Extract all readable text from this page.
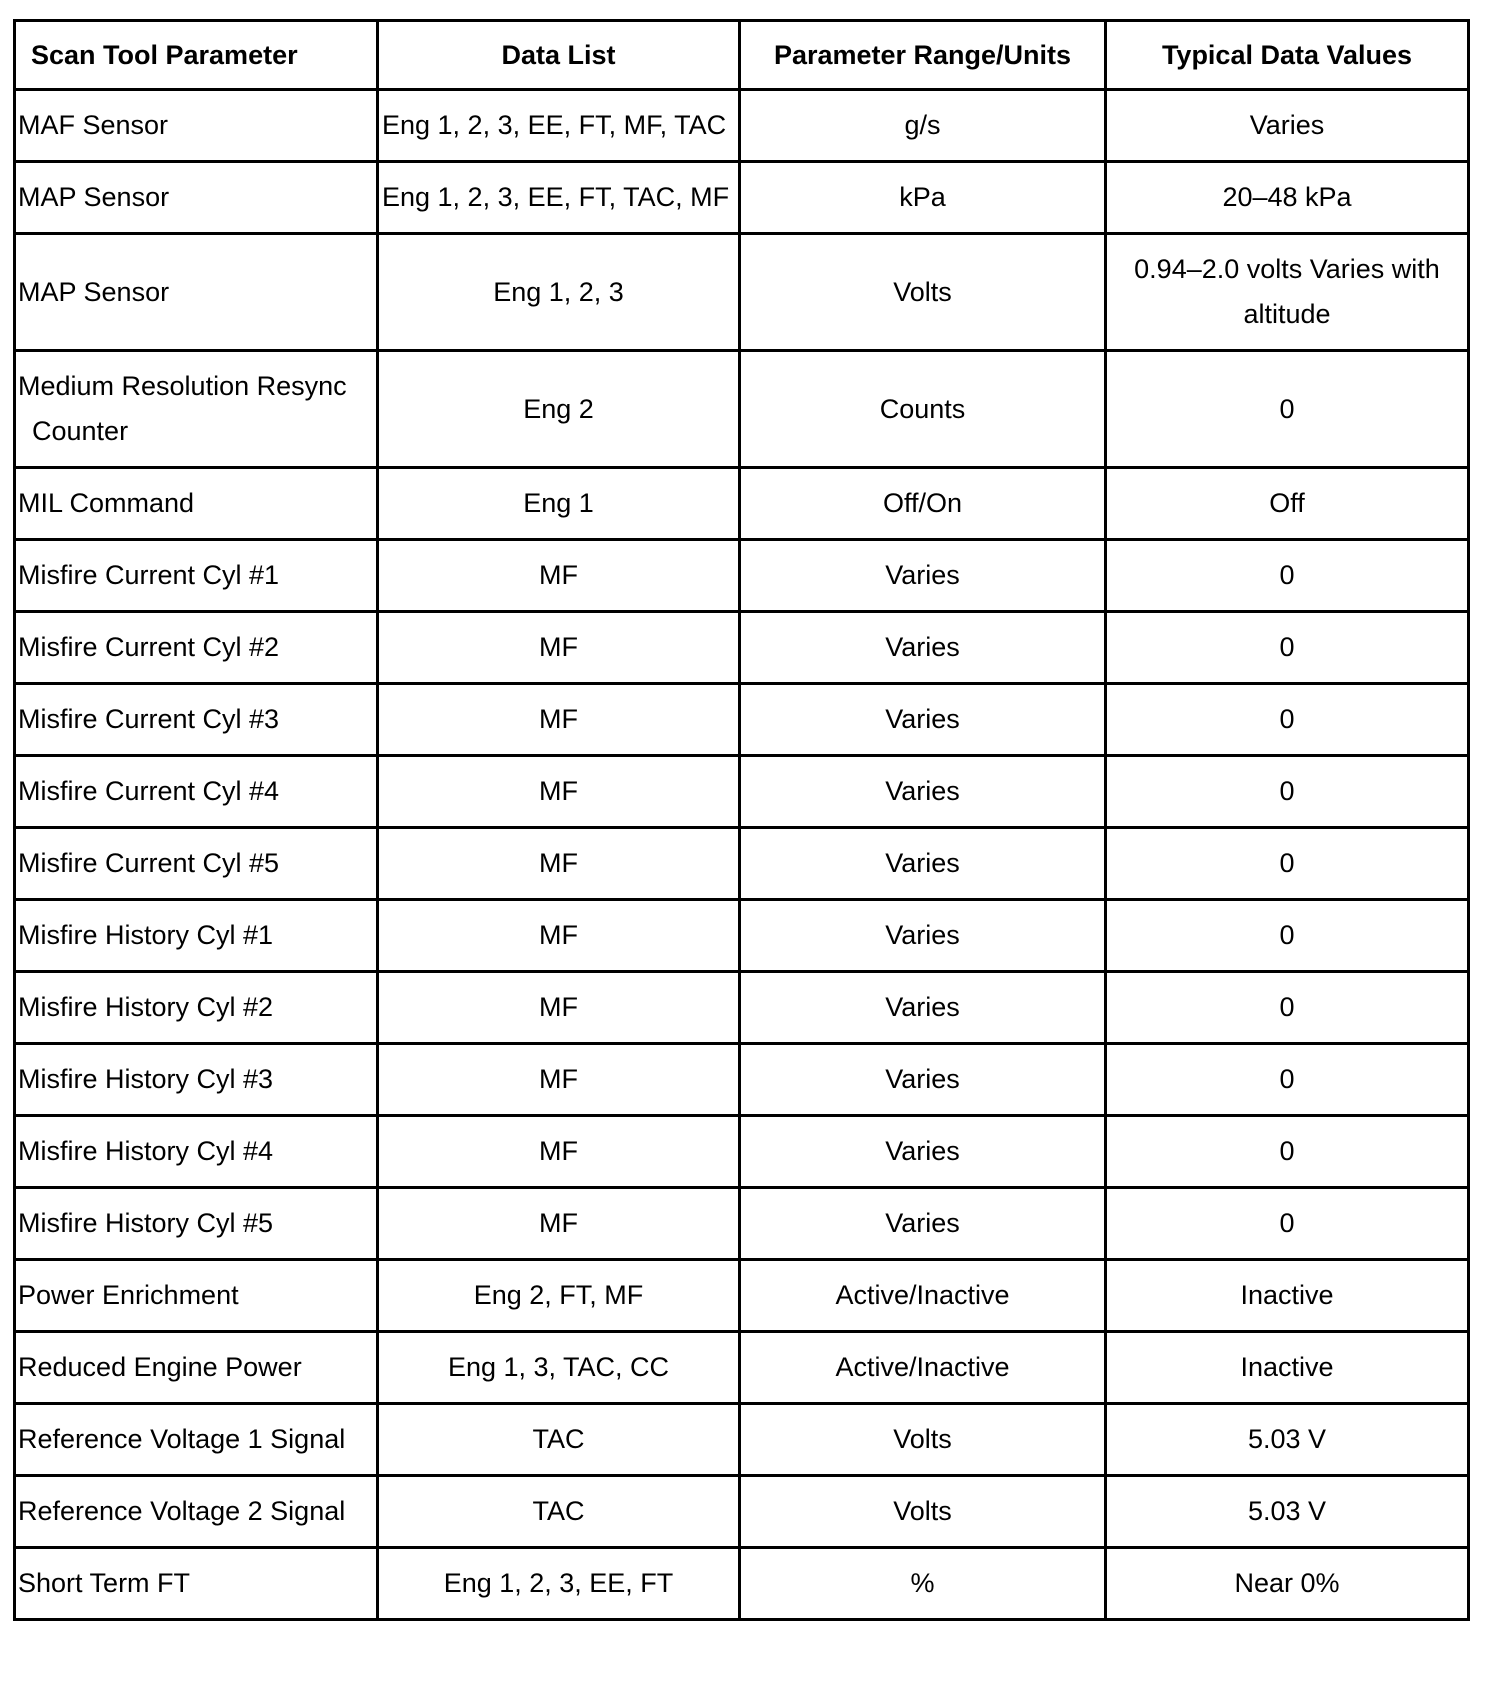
Scan Tool Parameter	Data List	Parameter Range/Units	Typical Data Values
MAF Sensor	Eng 1, 2, 3, EE, FT, MF, TAC	g/s	Varies
MAP Sensor	Eng 1, 2, 3, EE, FT, TAC, MF	kPa	20–48 kPa
MAP Sensor	Eng 1, 2, 3	Volts	0.94–2.0 volts Varies with altitude

Medium Resolution Resync
Counter	Eng 2	Counts	0
MIL Command	Eng 1	Off/On	Off
Misfire Current Cyl #1	MF	Varies	0
Misfire Current Cyl #2	MF	Varies	0
Misfire Current Cyl #3	MF	Varies	0
Misfire Current Cyl #4	MF	Varies	0
Misfire Current Cyl #5	MF	Varies	0
Misfire History Cyl #1	MF	Varies	0
Misfire History Cyl #2	MF	Varies	0
Misfire History Cyl #3	MF	Varies	0
Misfire History Cyl #4	MF	Varies	0
Misfire History Cyl #5	MF	Varies	0
Power Enrichment	Eng 2, FT, MF	Active/Inactive	Inactive
Reduced Engine Power	Eng 1, 3, TAC, CC	Active/Inactive	Inactive
Reference Voltage 1 Signal	TAC	Volts	5.03 V
Reference Voltage 2 Signal	TAC	Volts	5.03 V
Short Term FT	Eng 1, 2, 3, EE, FT	%	Near 0%
